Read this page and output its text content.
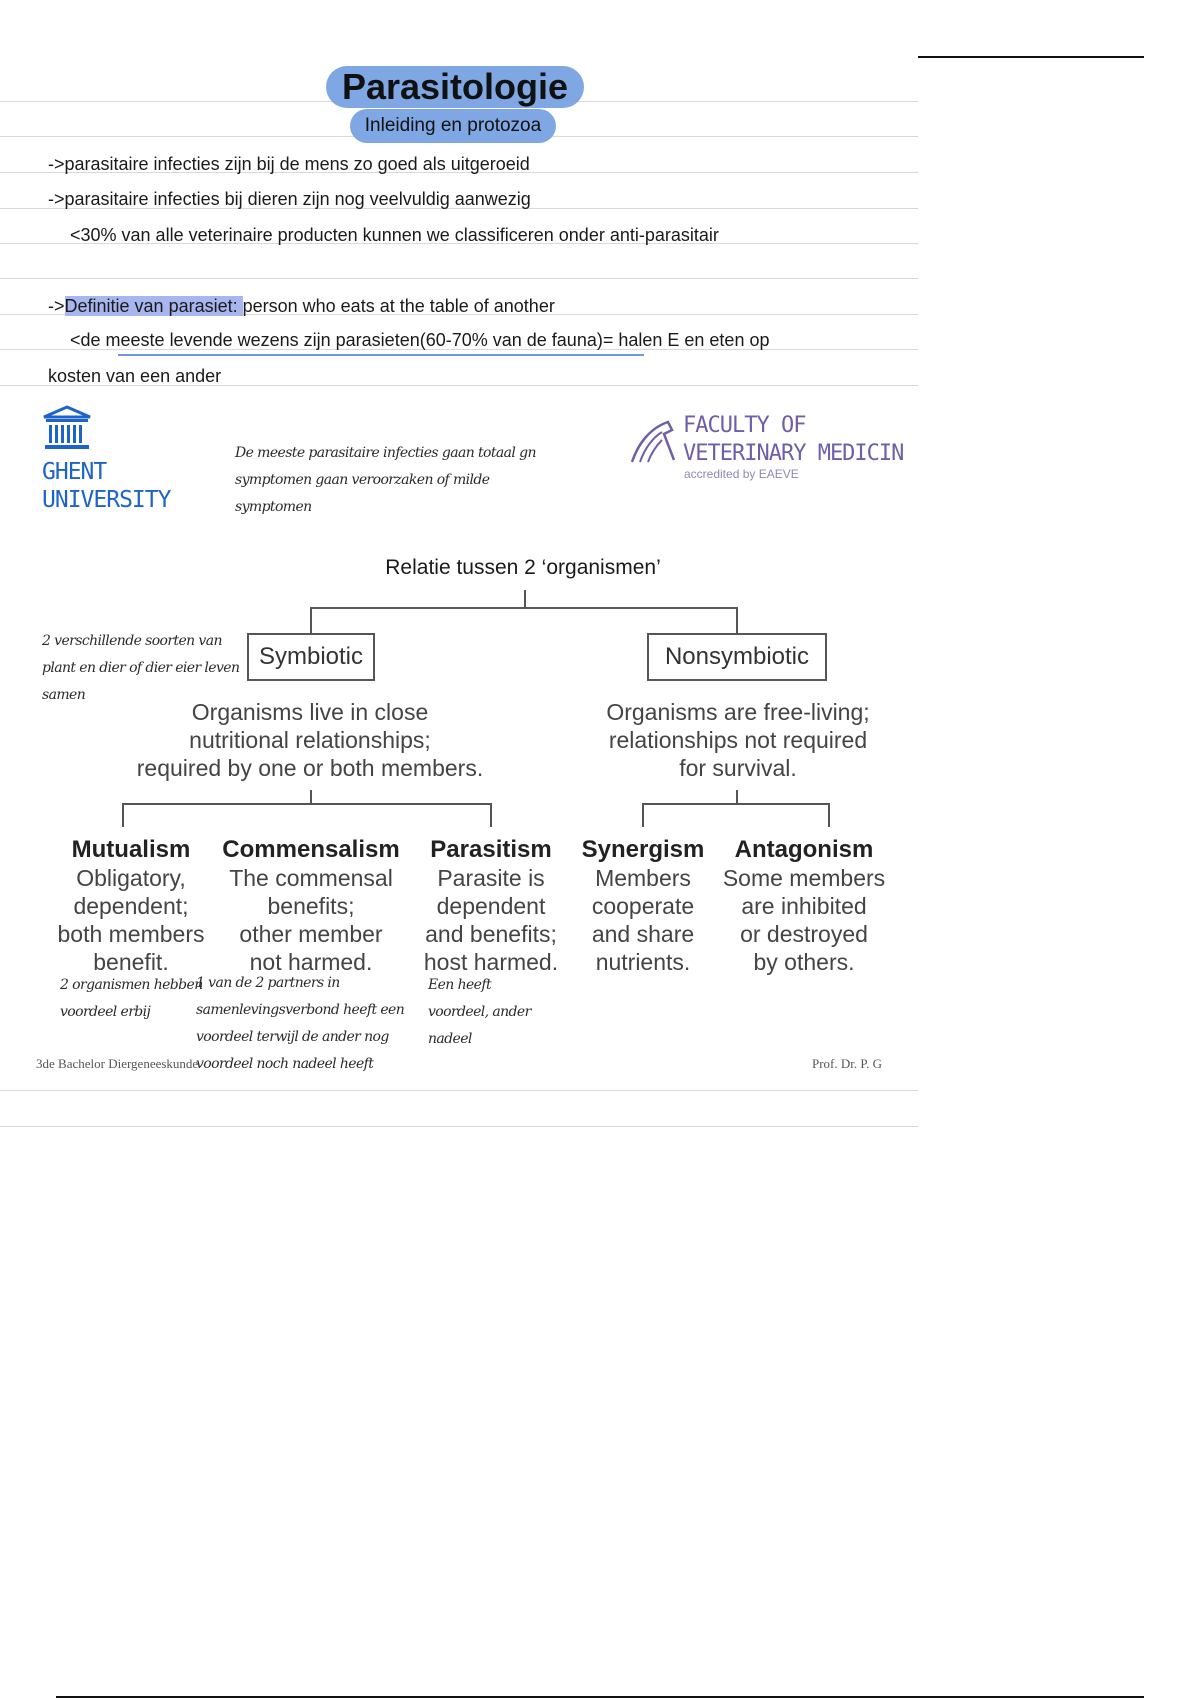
Parasitologie
Inleiding en protozoa
->parasitaire infecties zijn bij de mens zo goed als uitgeroeid
->parasitaire infecties bij dieren zijn nog veelvuldig aanwezig
<30% van alle veterinaire producten kunnen we classificeren onder anti-parasitair
->Definitie van parasiet: person who eats at the table of another
<de meeste levende wezens zijn parasieten(60-70% van de fauna)= halen E en eten op
kosten van een ander
GHENT
UNIVERSITY
FACULTY OF
VETERINARY MEDICIN
accredited by EAEVE
De meeste parasitaire infecties gaan totaal gn
symptomen gaan veroorzaken of milde
symptomen
Relatie tussen 2 ‘organismen’
Symbiotic	Nonsymbiotic
2 verschillende soorten van
plant en dier of dier eier leven
samen
Organisms live in close
nutritional relationships;
required by one or both members.
Organisms are free-living;
relationships not required
for survival.
Mutualism
Obligatory,
dependent;
both members
benefit.
Commensalism
The commensal
benefits;
other member
not harmed.
Parasitism
Parasite is
dependent
and benefits;
host harmed.
Synergism
Members
cooperate
and share
nutrients.
Antagonism
Some members
are inhibited
or destroyed
by others.
2 organismen hebben
voordeel erbij
1 van de 2 partners in
samenlevingsverbond heeft een
voordeel terwijl de ander nog
voordeel noch nadeel heeft
Een heeft
voordeel, ander
nadeel
3de Bachelor Diergeneeskunde	Prof. Dr. P. G
